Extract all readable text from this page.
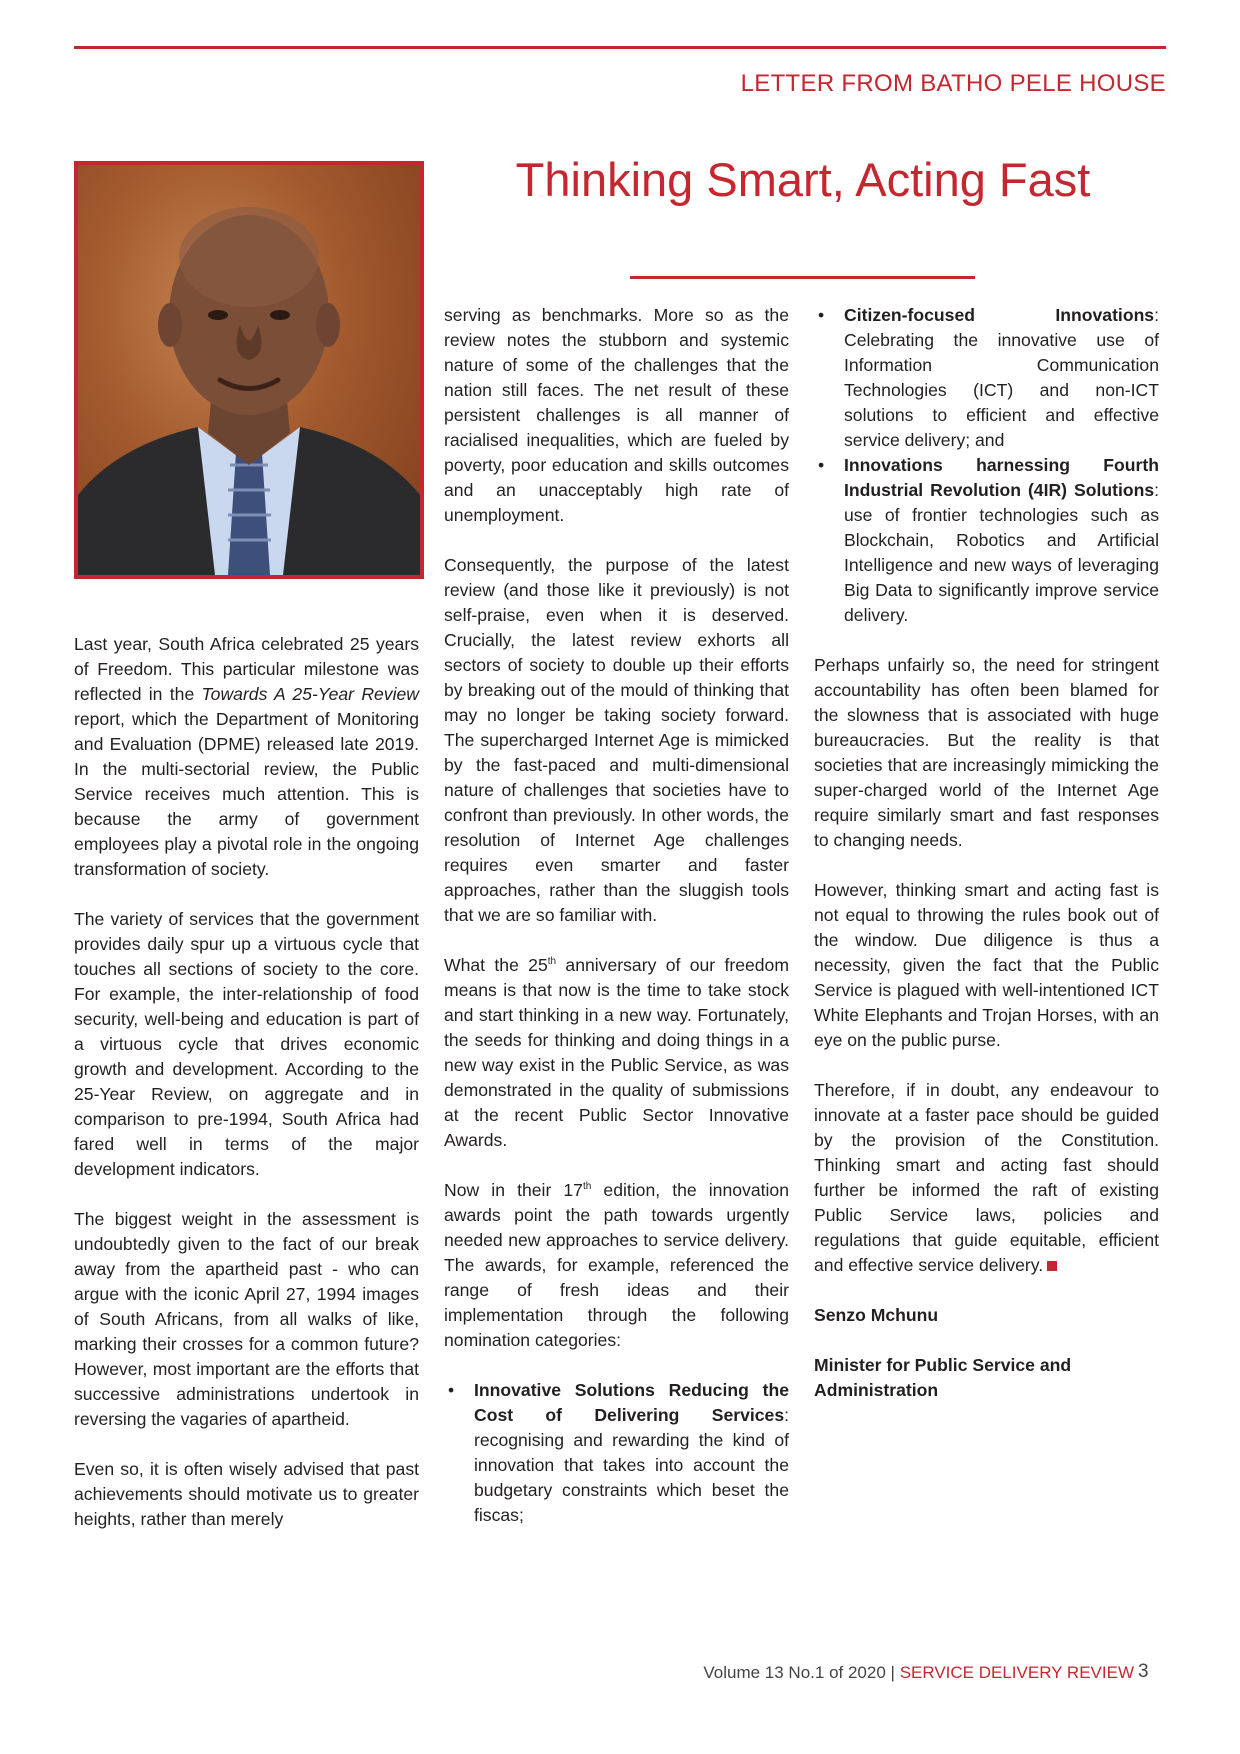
LETTER FROM BATHO PELE HOUSE
Thinking Smart, Acting Fast

Last year, South Africa celebrated 25 years of Freedom. This particular milestone was reflected in the Towards A 25-Year Review report, which the Department of Monitoring and Evaluation (DPME) released late 2019. In the multi-sectorial review, the Public Service receives much attention. This is because the army of government employees play a pivotal role in the ongoing transformation of society.

The variety of services that the government provides daily spur up a virtuous cycle that touches all sections of society to the core. For example, the inter-relationship of food security, well-being and education is part of a virtuous cycle that drives economic growth and development. According to the 25-Year Review, on aggregate and in comparison to pre-1994, South Africa had fared well in terms of the major development indicators.

The biggest weight in the assessment is undoubtedly given to the fact of our break away from the apartheid past - who can argue with the iconic April 27, 1994 images of South Africans, from all walks of like, marking their crosses for a common future? However, most important are the efforts that successive administrations undertook in reversing the vagaries of apartheid.

Even so, it is often wisely advised that past achievements should motivate us to greater heights, rather than merely

serving as benchmarks. More so as the review notes the stubborn and systemic nature of some of the challenges that the nation still faces. The net result of these persistent challenges is all manner of racialised inequalities, which are fueled by poverty, poor education and skills outcomes and an unacceptably high rate of unemployment.

Consequently, the purpose of the latest review (and those like it previously) is not self-praise, even when it is deserved. Crucially, the latest review exhorts all sectors of society to double up their efforts by breaking out of the mould of thinking that may no longer be taking society forward. The supercharged Internet Age is mimicked by the fast-paced and multi-dimensional nature of challenges that societies have to confront than previously. In other words, the resolution of Internet Age challenges requires even smarter and faster approaches, rather than the sluggish tools that we are so familiar with.

What the 25th anniversary of our freedom means is that now is the time to take stock and start thinking in a new way. Fortunately, the seeds for thinking and doing things in a new way exist in the Public Service, as was demonstrated in the quality of submissions at the recent Public Sector Innovative Awards.

Now in their 17th edition, the innovation awards point the path towards urgently needed new approaches to service delivery. The awards, for example, referenced the range of fresh ideas and their implementation through the following nomination categories:

• Innovative Solutions Reducing the Cost of Delivering Services: recognising and rewarding the kind of innovation that takes into account the budgetary constraints which beset the fiscas;
• Citizen-focused Innovations: Celebrating the innovative use of Information Communication Technologies (ICT) and non-ICT solutions to efficient and effective service delivery; and
• Innovations harnessing Fourth Industrial Revolution (4IR) Solutions: use of frontier technologies such as Blockchain, Robotics and Artificial Intelligence and new ways of leveraging Big Data to significantly improve service delivery.

Perhaps unfairly so, the need for stringent accountability has often been blamed for the slowness that is associated with huge bureaucracies. But the reality is that societies that are increasingly mimicking the super-charged world of the Internet Age require similarly smart and fast responses to changing needs.

However, thinking smart and acting fast is not equal to throwing the rules book out of the window. Due diligence is thus a necessity, given the fact that the Public Service is plagued with well-intentioned ICT White Elephants and Trojan Horses, with an eye on the public purse.

Therefore, if in doubt, any endeavour to innovate at a faster pace should be guided by the provision of the Constitution. Thinking smart and acting fast should further be informed the raft of existing Public Service laws, policies and regulations that guide equitable, efficient and effective service delivery.

Senzo Mchunu

Minister for Public Service and Administration

Volume 13 No.1 of 2020 | SERVICE DELIVERY REVIEW 3
